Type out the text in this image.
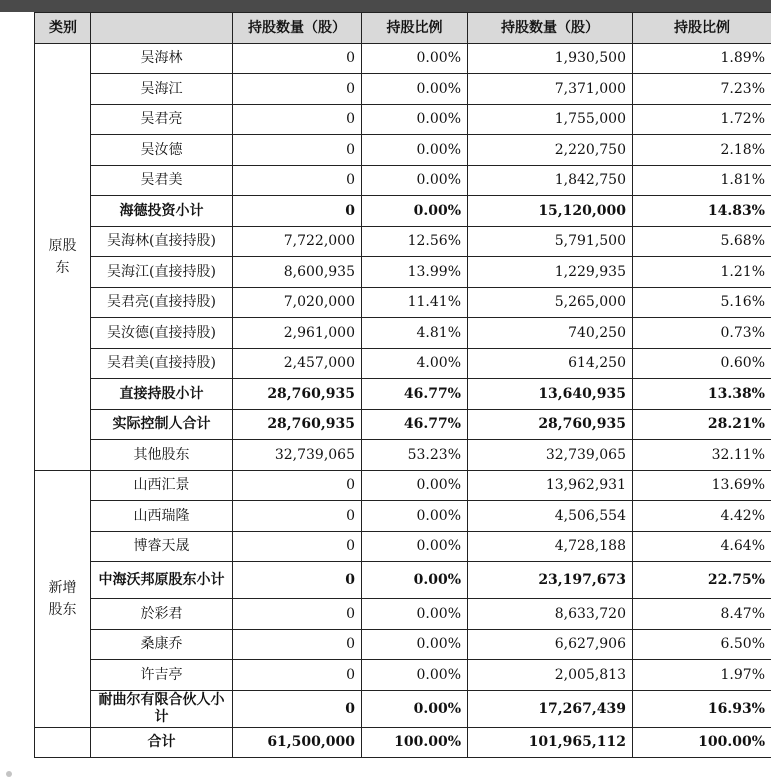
类别		持股数量（股）	持股比例	持股数量（股）	持股比例
原股东	吴海林	0	0.00%	1,930,500	1.89%
	吴海江	0	0.00%	7,371,000	7.23%
	吴君亮	0	0.00%	1,755,000	1.72%
	吴汝德	0	0.00%	2,220,750	2.18%
	吴君美	0	0.00%	1,842,750	1.81%
	海德投资小计	0	0.00%	15,120,000	14.83%
	吴海林(直接持股)	7,722,000	12.56%	5,791,500	5.68%
	吴海江(直接持股)	8,600,935	13.99%	1,229,935	1.21%
	吴君亮(直接持股)	7,020,000	11.41%	5,265,000	5.16%
	吴汝德(直接持股)	2,961,000	4.81%	740,250	0.73%
	吴君美(直接持股)	2,457,000	4.00%	614,250	0.60%
	直接持股小计	28,760,935	46.77%	13,640,935	13.38%
	实际控制人合计	28,760,935	46.77%	28,760,935	28.21%
	其他股东	32,739,065	53.23%	32,739,065	32.11%
新增股东	山西汇景	0	0.00%	13,962,931	13.69%
	山西瑞隆	0	0.00%	4,506,554	4.42%
	博睿天晟	0	0.00%	4,728,188	4.64%
	中海沃邦原股东小计	0	0.00%	23,197,673	22.75%
	於彩君	0	0.00%	8,633,720	8.47%
	桑康乔	0	0.00%	6,627,906	6.50%
	许吉亭	0	0.00%	2,005,813	1.97%
	耐曲尔有限合伙人小计	0	0.00%	17,267,439	16.93%
	合计	61,500,000	100.00%	101,965,112	100.00%
